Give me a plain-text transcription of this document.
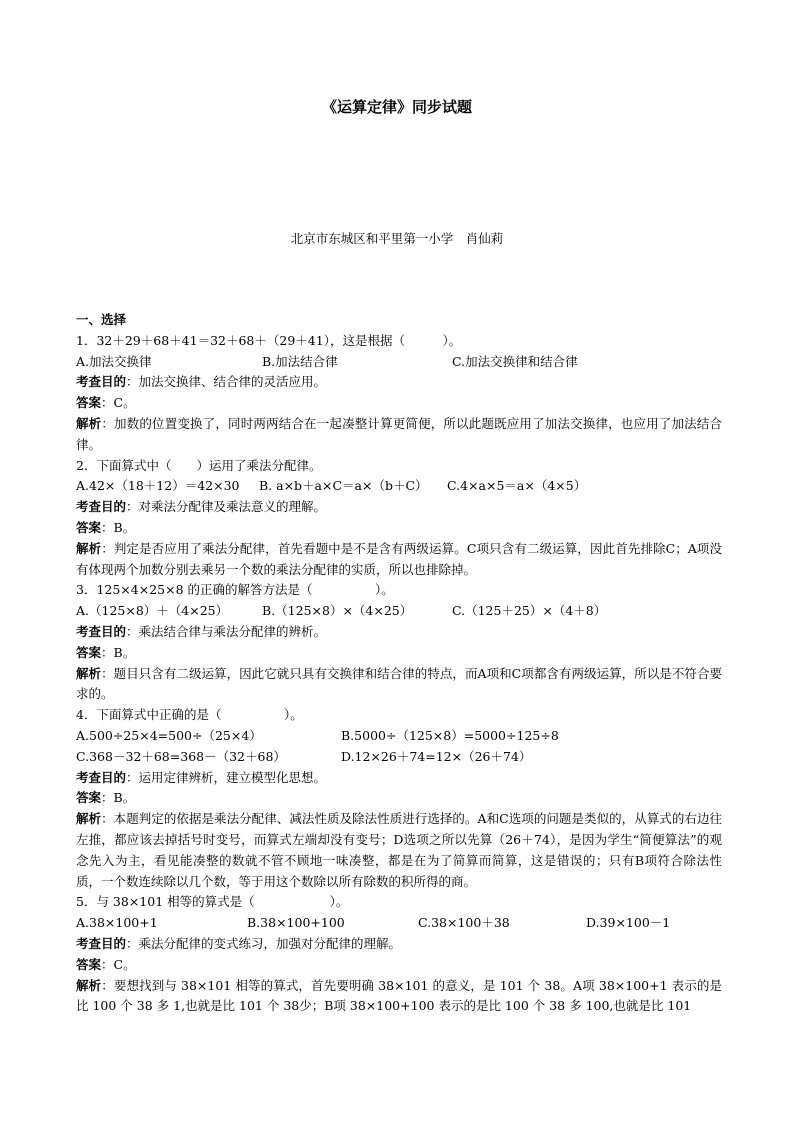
《运算定律》同步试题
北京市东城区和平里第一小学　肖仙莉

一、选择

1．32＋29＋68＋41＝32＋68＋（29＋41），这是根据（　　　）。

A.加法交换律	B.加法结合律	C.加法交换律和结合律

考查目的：加法交换律、结合律的灵活应用。

答案：C。

解析：加数的位置变换了，同时两两结合在一起凑整计算更简便，所以此题既应用了加法交换律，也应用了加法结合律。

2．下面算式中（　　）运用了乘法分配律。

A.42×（18＋12）＝42×30	B. a×b＋a×C＝a×（b＋C）	C.4×a×5＝a×（4×5）

考查目的：对乘法分配律及乘法意义的理解。

答案：B。

解析：判定是否应用了乘法分配律，首先看题中是不是含有两级运算。C项只含有二级运算，因此首先排除C；A项没有体现两个加数分别去乘另一个数的乘法分配律的实质，所以也排除掉。

3．125×4×25×8 的正确的解答方法是（　　　　　）。

A.（125×8）＋（4×25）	B.（125×8）×（4×25）	C.（125＋25）×（4＋8）

考查目的：乘法结合律与乘法分配律的辨析。

答案：B。

解析：题目只含有二级运算，因此它就只具有交换律和结合律的特点，而A项和C项都含有两级运算，所以是不符合要求的。

4．下面算式中正确的是（　　　　　）。

A.500÷25×4=500÷（25×4）	B.5000÷（125×8）=5000÷125÷8
C.368－32＋68=368－（32＋68）	D.12×26＋74=12×（26＋74）

考查目的：运用定律辨析，建立模型化思想。

答案：B。

解析：本题判定的依据是乘法分配律、减法性质及除法性质进行选择的。A和C选项的问题是类似的，从算式的右边往左推，都应该去掉括号时变号，而算式左端却没有变号；D选项之所以先算（26＋74），是因为学生“简便算法”的观念先入为主，看见能凑整的数就不管不顾地一味凑整，都是在为了简算而简算，这是错误的；只有B项符合除法性质，一个数连续除以几个数，等于用这个数除以所有除数的积所得的商。

5．与 38×101 相等的算式是（　　　　　　）。

A.38×100+1	B.38×100+100	C.38×100＋38	D.39×100－1

考查目的：乘法分配律的变式练习，加强对分配律的理解。

答案：C。

解析：要想找到与 38×101 相等的算式，首先要明确 38×101 的意义，是 101 个 38。A项 38×100+1 表示的是比 100 个 38 多 1,也就是比 101 个 38少；B项 38×100+100 表示的是比 100 个 38 多 100,也就是比 101
